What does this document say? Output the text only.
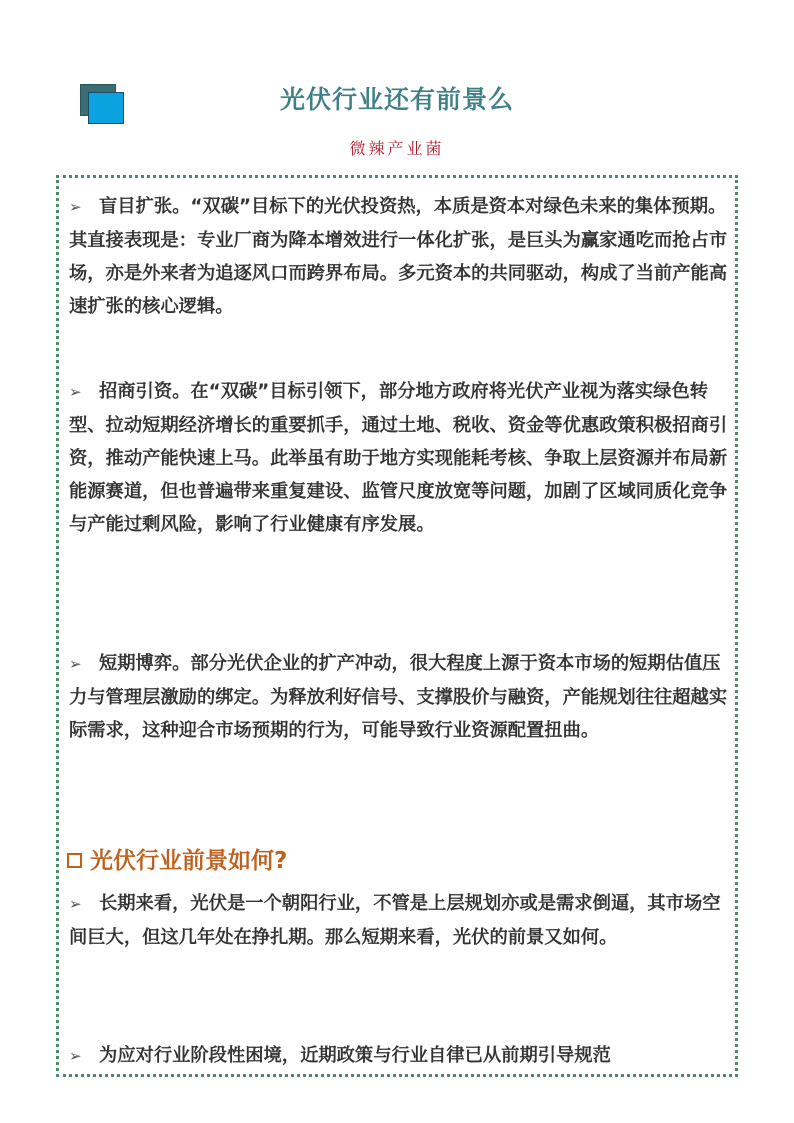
光伏行业还有前景么
微辣产业菌

➢ 盲目扩张。“双碳”目标下的光伏投资热，本质是资本对绿色未来的集体预期。其直接表现是：专业厂商为降本增效进行一体化扩张，是巨头为赢家通吃而抢占市场，亦是外来者为追逐风口而跨界布局。多元资本的共同驱动，构成了当前产能高速扩张的核心逻辑。

➢ 招商引资。在“双碳”目标引领下，部分地方政府将光伏产业视为落实绿色转型、拉动短期经济增长的重要抓手，通过土地、税收、资金等优惠政策积极招商引资，推动产能快速上马。此举虽有助于地方实现能耗考核、争取上层资源并布局新能源赛道，但也普遍带来重复建设、监管尺度放宽等问题，加剧了区域同质化竞争与产能过剩风险，影响了行业健康有序发展。

➢ 短期博弈。部分光伏企业的扩产冲动，很大程度上源于资本市场的短期估值压力与管理层激励的绑定。为释放利好信号、支撑股价与融资，产能规划往往超越实际需求，这种迎合市场预期的行为，可能导致行业资源配置扭曲。

光伏行业前景如何?

➢ 长期来看，光伏是一个朝阳行业，不管是上层规划亦或是需求倒逼，其市场空间巨大，但这几年处在挣扎期。那么短期来看，光伏的前景又如何。

➢ 为应对行业阶段性困境，近期政策与行业自律已从前期引导规范
